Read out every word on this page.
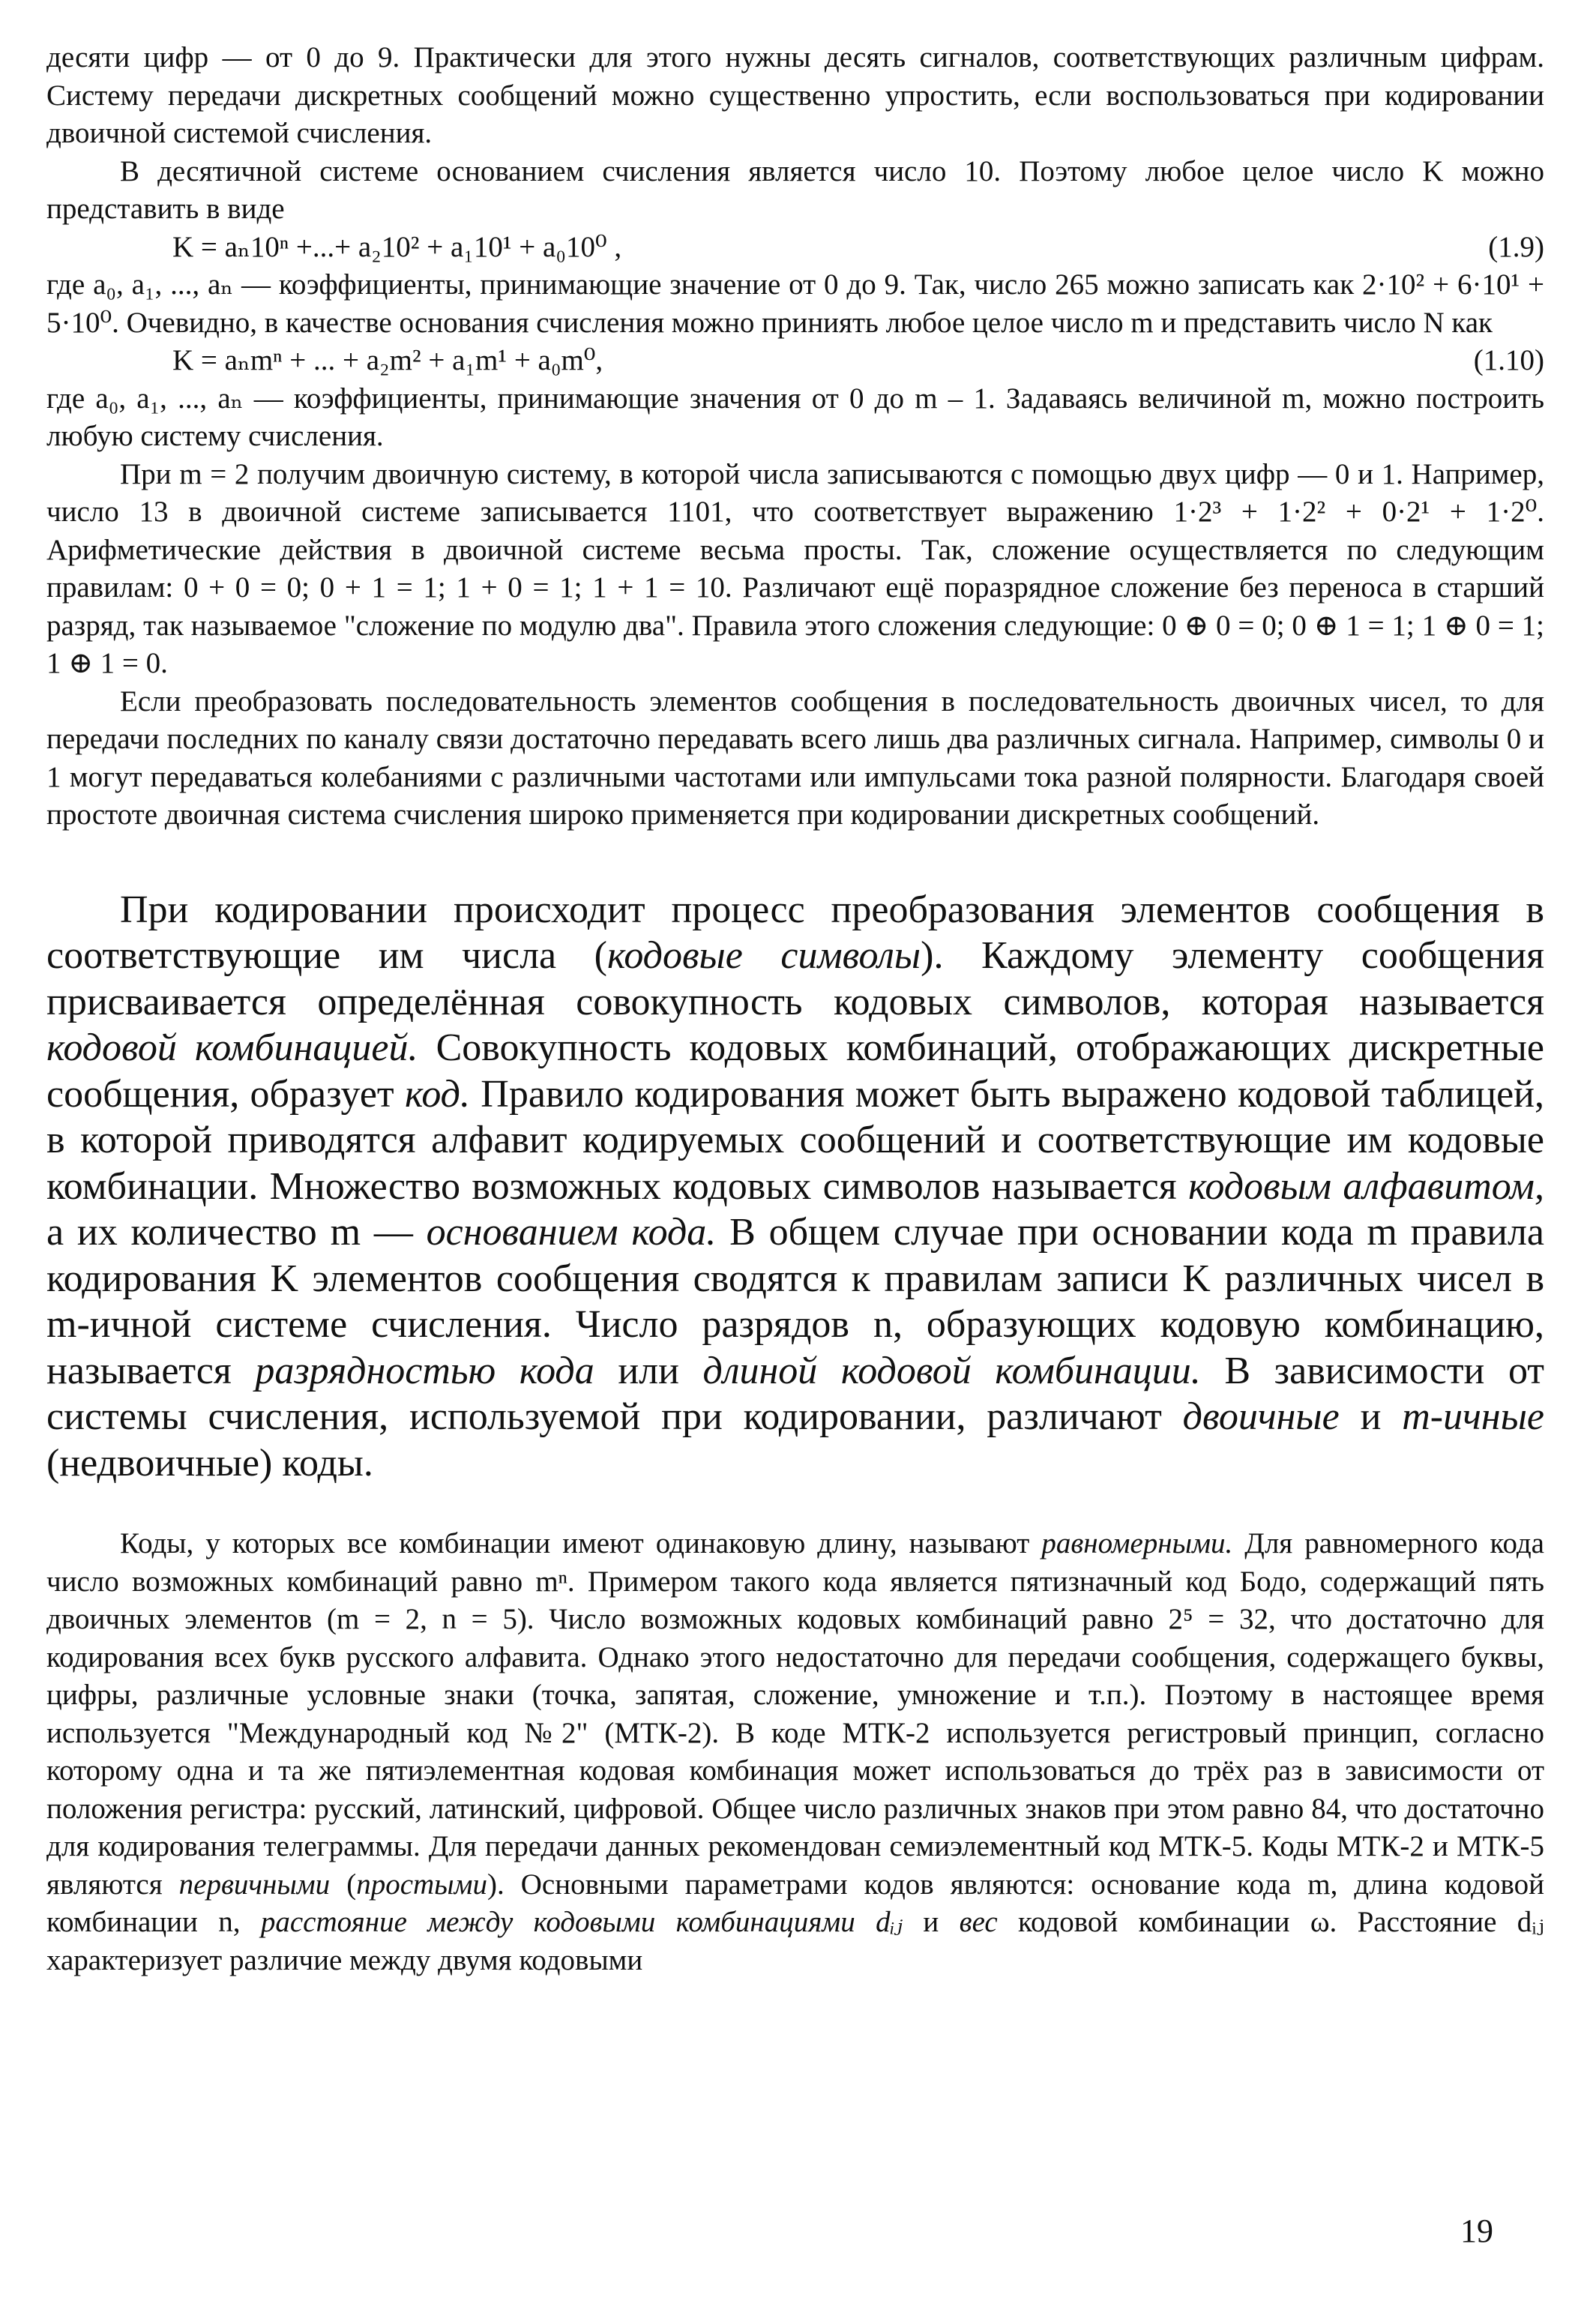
десяти цифр — от 0 до 9. Практически для этого нужны десять сигналов, соответствующих различным цифрам. Систему передачи дискретных сообщений можно существенно упростить, если воспользоваться при кодировании двоичной системой счисления.

В десятичной системе основанием счисления является число 10. Поэтому любое целое число K можно представить в виде

K = aₙ10ⁿ +...+ a₂10² + a₁10¹ + a₀10⁰ ,	(1.9)

где a₀, a₁, ..., aₙ — коэффициенты, принимающие значение от 0 до 9. Так, число 265 можно записать как 2·10² + 6·10¹ + 5·10⁰. Очевидно, в качестве основания счисления можно приниять любое целое число m и представить число N как

K = aₙmⁿ + ... + a₂m² + a₁m¹ + a₀m⁰,	(1.10)

где a₀, a₁, ..., aₙ — коэффициенты, принимающие значения от 0 до m – 1. Задаваясь величиной m, можно построить любую систему счисления.

При m = 2 получим двоичную систему, в которой числа записываются с помощью двух цифр — 0 и 1. Например, число 13 в двоичной системе записывается 1101, что соответствует выражению 1·2³ + 1·2² + 0·2¹ + 1·2⁰. Арифметические действия в двоичной системе весьма просты. Так, сложение осуществляется по следующим правилам: 0 + 0 = 0; 0 + 1 = 1; 1 + 0 = 1; 1 + 1 = 10. Различают ещё поразрядное сложение без переноса в старший разряд, так называемое "сложение по модулю два". Правила этого сложения следующие: 0 ⊕ 0 = 0; 0 ⊕ 1 = 1; 1 ⊕ 0 = 1; 1 ⊕ 1 = 0.

Если преобразовать последовательность элементов сообщения в последовательность двоичных чисел, то для передачи последних по каналу связи достаточно передавать всего лишь два различных сигнала. Например, символы 0 и 1 могут передаваться колебаниями с различными частотами или импульсами тока разной полярности. Благодаря своей простоте двоичная система счисления широко применяется при кодировании дискретных сообщений.

При кодировании происходит процесс преобразования элементов сообщения в соответствующие им числа (кодовые символы). Каждому элементу сообщения присваивается определённая совокупность кодовых символов, которая называется кодовой комбинацией. Совокупность кодовых комбинаций, отображающих дискретные сообщения, образует код. Правило кодирования может быть выражено кодовой таблицей, в которой приводятся алфавит кодируемых сообщений и соответствующие им кодовые комбинации. Множество возможных кодовых символов называется кодовым алфавитом, а их количество m — основанием кода. В общем случае при основании кода m правила кодирования K элементов сообщения сводятся к правилам записи K различных чисел в m-ичной системе счисления. Число разрядов n, образующих кодовую комбинацию, называется разрядностью кода или длиной кодовой комбинации. В зависимости от системы счисления, используемой при кодировании, различают двоичные и m-ичные (недвоичные) коды.

Коды, у которых все комбинации имеют одинаковую длину, называют равномерными. Для равномерного кода число возможных комбинаций равно mⁿ. Примером такого кода является пятизначный код Бодо, содержащий пять двоичных элементов (m = 2, n = 5). Число возможных кодовых комбинаций равно 2⁵ = 32, что достаточно для кодирования всех букв русского алфавита. Однако этого недостаточно для передачи сообщения, содержащего буквы, цифры, различные условные знаки (точка, запятая, сложение, умножение и т.п.). Поэтому в настоящее время используется "Международный код №2" (МТК-2). В коде МТК-2 используется регистровый принцип, согласно которому одна и та же пятиэлементная кодовая комбинация может использоваться до трёх раз в зависимости от положения регистра: русский, латинский, цифровой. Общее число различных знаков при этом равно 84, что достаточно для кодирования телеграммы. Для передачи данных рекомендован семиэлементный код МТК-5. Коды МТК-2 и МТК-5 являются первичными (простыми). Основными параметрами кодов являются: основание кода m, длина кодовой комбинации n, расстояние между кодовыми комбинациями dᵢⱼ и вес кодовой комбинации ω. Расстояние dᵢⱼ характеризует различие между двумя кодовыми

19
